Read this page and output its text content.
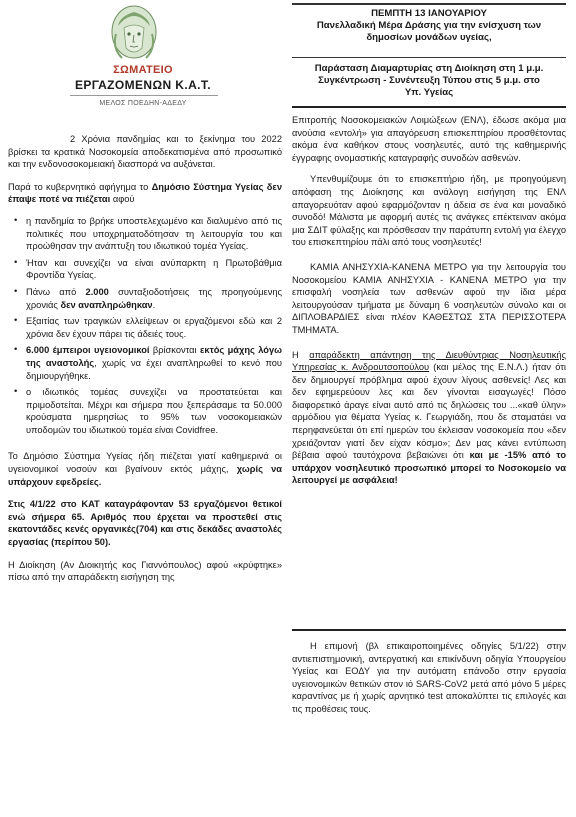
ΣΩΜΑΤΕΙΟ
ΕΡΓΑΖΟΜΕΝΩΝ Κ.Α.Τ.
ΜΕΛΟΣ ΠΟΕΔΗΝ-ΑΔΕΔΥ

2 Χρόνια πανδημίας και το ξεκίνημα του 2022 βρίσκει τα κρατικά Νοσοκομεία αποδεκατισμένα από προσωπικό και την ενδονοσοκομειακή διασπορά να αυξάνεται.

Παρά το κυβερνητικό αφήγημα το Δημόσιο Σύστημα Υγείας δεν έπαψε ποτέ να πιέζεται αφού

• η πανδημία το βρήκε υποστελεχωμένο και διαλυμένο από τις πολιτικές που υποχρηματοδότησαν τη λειτουργία του και προώθησαν την ανάπτυξη του ιδιωτικού τομέα Υγείας.
• Ήταν και συνεχίζει να είναι ανύπαρκτη η Πρωτοβάθμια Φροντίδα Υγείας.
• Πάνω από 2.000 συνταξιοδοτήσεις της προηγούμενης χρονιάς δεν αναπληρώθηκαν.
• Εξαιτίας των τραγικών ελλείψεων οι εργαζόμενοι εδώ και 2 χρόνια δεν έχουν πάρει τις άδειές τους.
• 6.000 έμπειροι υγειονομικοί βρίσκονται εκτός μάχης λόγω της αναστολής, χωρίς να έχει αναπληρωθεί το κενό που δημιουργήθηκε.
• ο ιδιωτικός τομέας συνεχίζει να προστατεύεται και πριμοδοτείται. Μέχρι και σήμερα που ξεπεράσαμε τα 50.000 κρούσματα ημερησίως το 95% των νοσοκομειακών υποδομών του ιδιωτικού τομέα είναι Covidfree.

Το Δημόσιο Σύστημα Υγείας ήδη πιέζεται γιατί καθημερινά οι υγειονομικοί νοσούν και βγαίνουν εκτός μάχης, χωρίς να υπάρχουν εφεδρείες.

Στις 4/1/22 στο ΚΑΤ καταγράφονταν 53 εργαζόμενοι θετικοί ενώ σήμερα 65. Αριθμός που έρχεται να προστεθεί στις εκατοντάδες κενές οργανικές(704) και στις δεκάδες αναστολές εργασίας (περίπου 50).

Η Διοίκηση (Αν Διοικητής κος Γιαννόπουλος) αφού «κρύφτηκε» πίσω από την απαράδεκτη εισήγηση της

ΠΕΜΠΤΗ 13 ΙΑΝΟΥΑΡΙΟΥ
Πανελλαδική Μέρα Δράσης για την ενίσχυση των
δημοσίων μονάδων υγείας,
Παράσταση Διαμαρτυρίας στη Διοίκηση στη 1 μ.μ.
Συγκέντρωση - Συνέντευξη Τύπου στις 5 μ.μ. στο
Υπ. Υγείας

Επιτροπής Νοσοκομειακών Λοιμώξεων (ΕΝΛ), έδωσε ακόμα μια ανούσια «εντολή» για απαγόρευση επισκεπτηρίου προσθέτοντας ακόμα ένα καθήκον στους νοσηλευτές, αυτό της καθημερινής έγγραφης ονομαστικής καταγραφής συνοδών ασθενών.

Υπενθυμίζουμε ότι το επισκεπτήριο ήδη, με προηγούμενη απόφαση της Διοίκησης και ανάλογη εισήγηση της ΕΝΛ απαγορευόταν αφού εφαρμόζονταν η άδεια σε ένα και μοναδικό συνοδό! Μάλιστα με αφορμή αυτές τις ανάγκες επέκτειναν ακόμα μια ΣΔΙΤ φύλαξης και πρόσθεσαν την παράτυπη εντολή για έλεγχο του επισκεπτηρίου πάλι από τους νοσηλευτές!

ΚΑΜΙΑ ΑΝΗΣΥΧΙΑ-ΚΑΝΕΝΑ ΜΕΤΡΟ για την λειτουργία του Νοσοκομείου ΚΑΜΙΑ ΑΝΗΣΥΧΙΑ - ΚΑΝΕΝΑ ΜΕΤΡΟ για την επισφαλή νοσηλεία των ασθενών αφού την ίδια μέρα λειτουργούσαν τμήματα με δύναμη 6 νοσηλευτών σύνολο και οι ΔΙΠΛΟΒΑΡΔΙΕΣ είναι πλέον ΚΑΘΕΣΤΩΣ ΣΤΑ ΠΕΡΙΣΣΟΤΕΡΑ ΤΜΗΜΑΤΑ.

Η απαράδεκτη απάντηση της Διευθύντριας Νοσηλευτικής Υπηρεσίας κ. Ανδρουτσοπούλου (και μέλος της Ε.Ν.Λ.) ήταν ότι δεν δημιουργεί πρόβλημα αφού έχουν λίγους ασθενείς! Λες και δεν εφημερεύουν λες και δεν γίνονται εισαγωγές! Πόσο διαφορετικό άραγε είναι αυτό από τις δηλώσεις του ...«καθ ύλην» αρμόδιου για θέματα Υγείας κ. Γεωργιάδη, που δε σταματάει να περηφανεύεται ότι επί ημερών του έκλεισαν νοσοκομεία που «δεν χρειάζονταν γιατί δεν είχαν κόσμο»; Δεν μας κάνει εντύπωση βέβαια αφού ταυτόχρονα βεβαιώνει ότι και με -15% από το υπάρχον νοσηλευτικό προσωπικό μπορεί το Νοσοκομείο να λειτουργεί με ασφάλεια!

Η επιμονή (βλ επικαιροποιημένες οδηγίες 5/1/22) στην αντιεπιστημονική, αντεργατική και επικίνδυνη οδηγία Υπουργείου Υγείας και ΕΟΔΥ για την αυτόματη επάνοδο στην εργασία υγειονομικών θετικών στον ιό SARS-CoV2 μετά από μόνο 5 μέρες καραντίνας με ή χωρίς αρνητικό test αποκαλύπτει τις επιλογές και τις προθέσεις τους.
